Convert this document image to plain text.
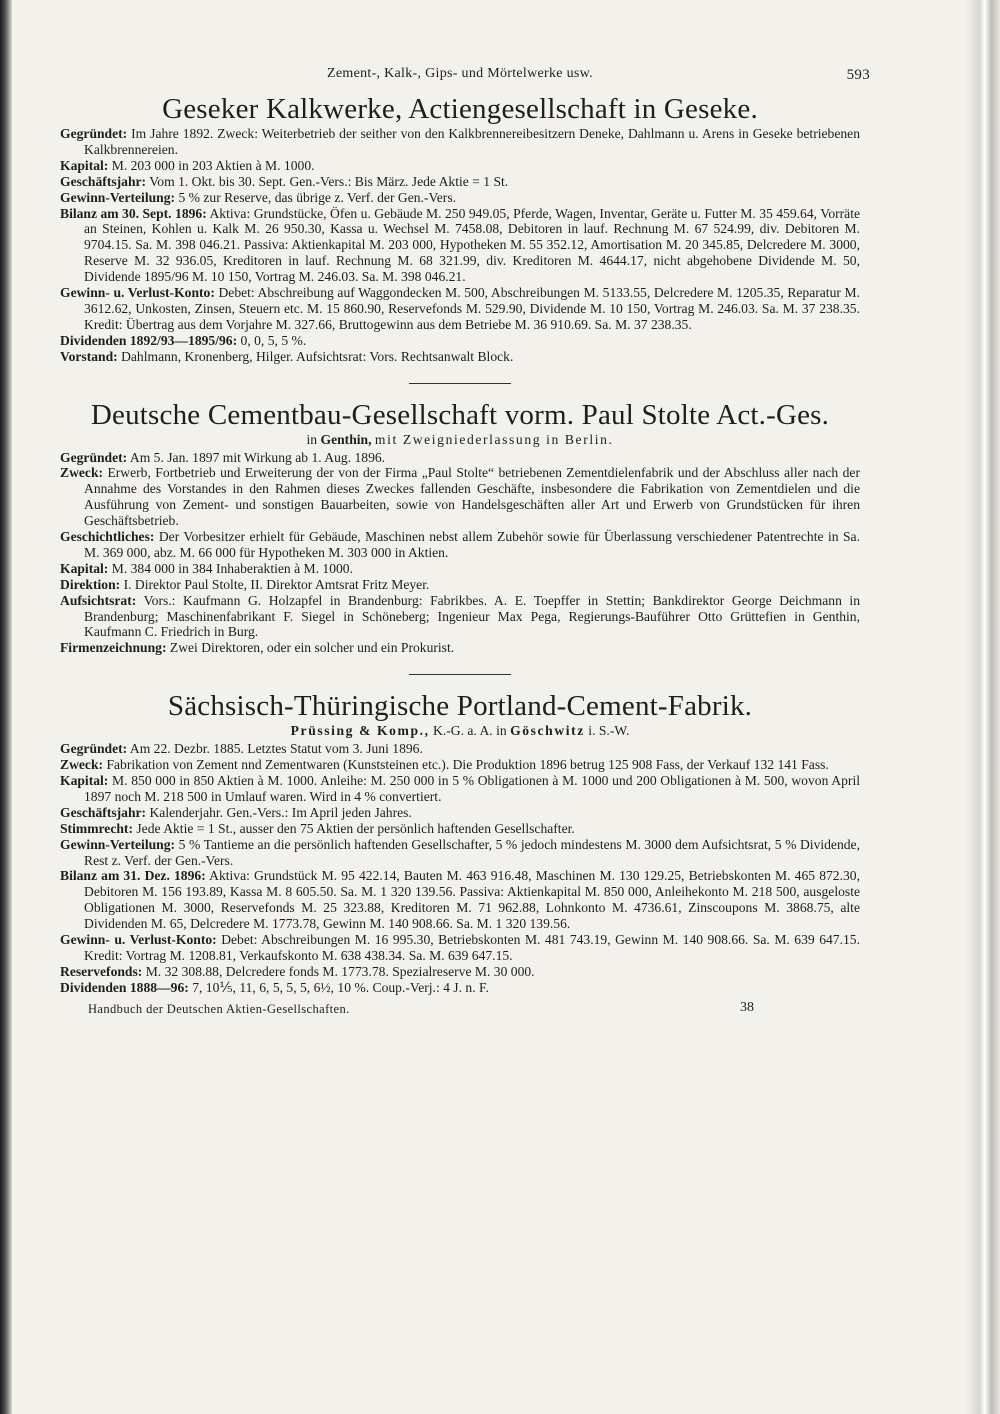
Zement-, Kalk-, Gips- und Mörtelwerke usw.	593
Geseker Kalkwerke, Actiengesellschaft in Geseke.

Gegründet: Im Jahre 1892. Zweck: Weiterbetrieb der seither von den Kalkbrennereibesitzern Deneke, Dahlmann u. Arens in Geseke betriebenen Kalkbrennereien.

Kapital: M. 203 000 in 203 Aktien à M. 1000.

Geschäftsjahr: Vom 1. Okt. bis 30. Sept. Gen.-Vers.: Bis März. Jede Aktie = 1 St.

Gewinn-Verteilung: 5 % zur Reserve, das übrige z. Verf. der Gen.-Vers.

Bilanz am 30. Sept. 1896: Aktiva: Grundstücke, Öfen u. Gebäude M. 250 949.05, Pferde, Wagen, Inventar, Geräte u. Futter M. 35 459.64, Vorräte an Steinen, Kohlen u. Kalk M. 26 950.30, Kassa u. Wechsel M. 7458.08, Debitoren in lauf. Rechnung M. 67 524.99, div. Debitoren M. 9704.15. Sa. M. 398 046.21. Passiva: Aktienkapital M. 203 000, Hypotheken M. 55 352.12, Amortisation M. 20 345.85, Delcredere M. 3000, Reserve M. 32 936.05, Kreditoren in lauf. Rechnung M. 68 321.99, div. Kreditoren M. 4644.17, nicht abgehobene Dividende M. 50, Dividende 1895/96 M. 10 150, Vortrag M. 246.03. Sa. M. 398 046.21.

Gewinn- u. Verlust-Konto: Debet: Abschreibung auf Waggondecken M. 500, Abschreibungen M. 5133.55, Delcredere M. 1205.35, Reparatur M. 3612.62, Unkosten, Zinsen, Steuern etc. M. 15 860.90, Reservefonds M. 529.90, Dividende M. 10 150, Vortrag M. 246.03. Sa. M. 37 238.35. Kredit: Übertrag aus dem Vorjahre M. 327.66, Bruttogewinn aus dem Betriebe M. 36 910.69. Sa. M. 37 238.35.

Dividenden 1892/93—1895/96: 0, 0, 5, 5 %.

Vorstand: Dahlmann, Kronenberg, Hilger. Aufsichtsrat: Vors. Rechtsanwalt Block.

Deutsche Cementbau-Gesellschaft vorm. Paul Stolte Act.-Ges.

in Genthin, mit Zweigniederlassung in Berlin.

Gegründet: Am 5. Jan. 1897 mit Wirkung ab 1. Aug. 1896.

Zweck: Erwerb, Fortbetrieb und Erweiterung der von der Firma „Paul Stolte“ betriebenen Zementdielenfabrik und der Abschluss aller nach der Annahme des Vorstandes in den Rahmen dieses Zweckes fallenden Geschäfte, insbesondere die Fabrikation von Zementdielen und die Ausführung von Zement- und sonstigen Bauarbeiten, sowie von Handelsgeschäften aller Art und Erwerb von Grundstücken für ihren Geschäftsbetrieb.

Geschichtliches: Der Vorbesitzer erhielt für Gebäude, Maschinen nebst allem Zubehör sowie für Überlassung verschiedener Patentrechte in Sa. M. 369 000, abz. M. 66 000 für Hypotheken M. 303 000 in Aktien.

Kapital: M. 384 000 in 384 Inhaberaktien à M. 1000.

Direktion: I. Direktor Paul Stolte, II. Direktor Amtsrat Fritz Meyer.

Aufsichtsrat: Vors.: Kaufmann G. Holzapfel in Brandenburg: Fabrikbes. A. E. Toepffer in Stettin; Bankdirektor George Deichmann in Brandenburg; Maschinenfabrikant F. Siegel in Schöneberg; Ingenieur Max Pega, Regierungs-Bauführer Otto Grüttefien in Genthin, Kaufmann C. Friedrich in Burg.

Firmenzeichnung: Zwei Direktoren, oder ein solcher und ein Prokurist.

Sächsisch-Thüringische Portland-Cement-Fabrik.

Prüssing & Komp., K.-G. a. A. in Göschwitz i. S.-W.

Gegründet: Am 22. Dezbr. 1885. Letztes Statut vom 3. Juni 1896.

Zweck: Fabrikation von Zement nnd Zementwaren (Kunststeinen etc.). Die Produktion 1896 betrug 125 908 Fass, der Verkauf 132 141 Fass.

Kapital: M. 850 000 in 850 Aktien à M. 1000. Anleihe: M. 250 000 in 5 % Obligationen à M. 1000 und 200 Obligationen à M. 500, wovon April 1897 noch M. 218 500 in Umlauf waren. Wird in 4 % convertiert.

Geschäftsjahr: Kalenderjahr. Gen.-Vers.: Im April jeden Jahres.

Stimmrecht: Jede Aktie = 1 St., ausser den 75 Aktien der persönlich haftenden Gesellschafter.

Gewinn-Verteilung: 5 % Tantieme an die persönlich haftenden Gesellschafter, 5 % jedoch mindestens M. 3000 dem Aufsichtsrat, 5 % Dividende, Rest z. Verf. der Gen.-Vers.

Bilanz am 31. Dez. 1896: Aktiva: Grundstück M. 95 422.14, Bauten M. 463 916.48, Maschinen M. 130 129.25, Betriebskonten M. 465 872.30, Debitoren M. 156 193.89, Kassa M. 8 605.50. Sa. M. 1 320 139.56. Passiva: Aktienkapital M. 850 000, Anleihekonto M. 218 500, ausgeloste Obligationen M. 3000, Reservefonds M. 25 323.88, Kreditoren M. 71 962.88, Lohnkonto M. 4736.61, Zinscoupons M. 3868.75, alte Dividenden M. 65, Delcredere M. 1773.78, Gewinn M. 140 908.66. Sa. M. 1 320 139.56.

Gewinn- u. Verlust-Konto: Debet: Abschreibungen M. 16 995.30, Betriebskonten M. 481 743.19, Gewinn M. 140 908.66. Sa. M. 639 647.15. Kredit: Vortrag M. 1208.81, Verkaufskonto M. 638 438.34. Sa. M. 639 647.15.

Reservefonds: M. 32 308.88, Delcredere fonds M. 1773.78. Spezialreserve M. 30 000.

Dividenden 1888—96: 7, 10⅕, 11, 6, 5, 5, 5, 6½, 10 %. Coup.-Verj.: 4 J. n. F.

Handbuch der Deutschen Aktien-Gesellschaften.	38
